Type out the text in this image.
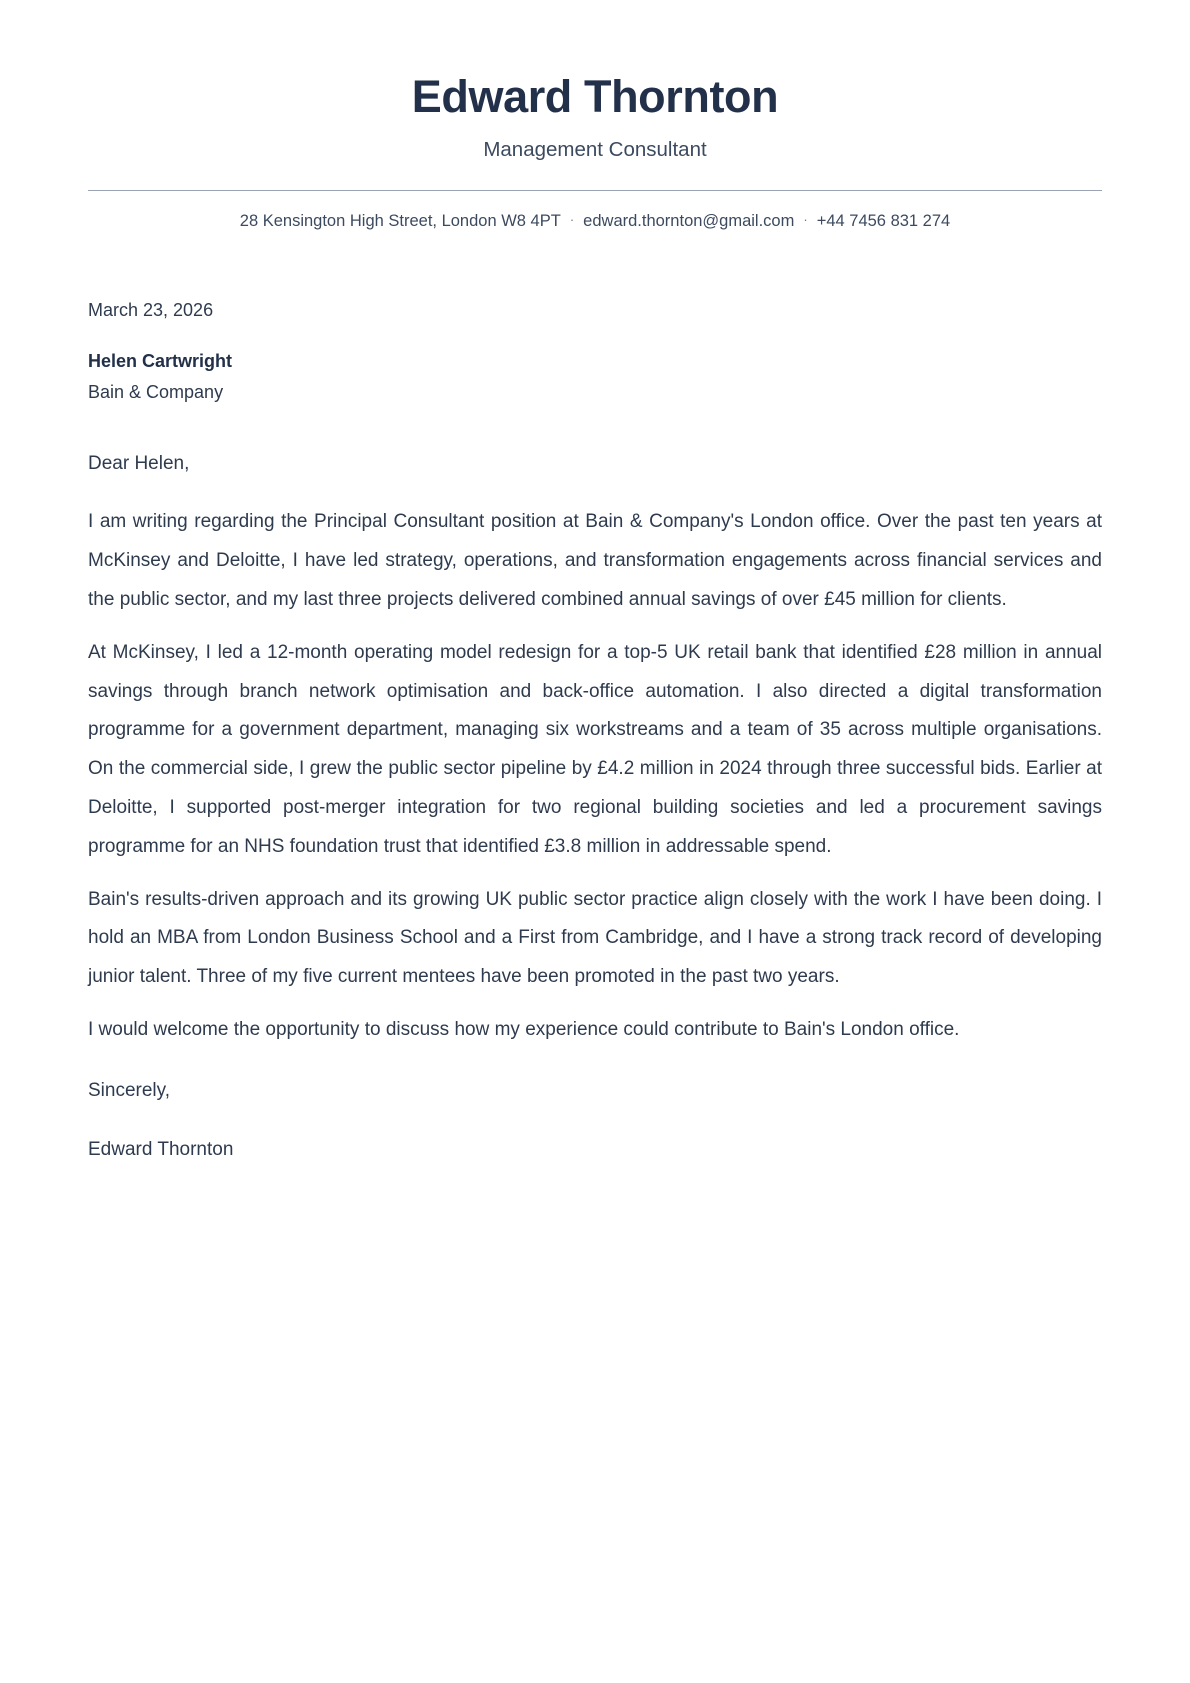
Edward Thornton
Management Consultant
28 Kensington High Street, London W8 4PT · edward.thornton@gmail.com · +44 7456 831 274
March 23, 2026
Helen Cartwright
Bain & Company
Dear Helen,

I am writing regarding the Principal Consultant position at Bain & Company's London office. Over the past ten years at McKinsey and Deloitte, I have led strategy, operations, and transformation engagements across financial services and the public sector, and my last three projects delivered combined annual savings of over £45 million for clients.

At McKinsey, I led a 12-month operating model redesign for a top-5 UK retail bank that identified £28 million in annual savings through branch network optimisation and back-office automation. I also directed a digital transformation programme for a government department, managing six workstreams and a team of 35 across multiple organisations. On the commercial side, I grew the public sector pipeline by £4.2 million in 2024 through three successful bids. Earlier at Deloitte, I supported post-merger integration for two regional building societies and led a procurement savings programme for an NHS foundation trust that identified £3.8 million in addressable spend.

Bain's results-driven approach and its growing UK public sector practice align closely with the work I have been doing. I hold an MBA from London Business School and a First from Cambridge, and I have a strong track record of developing junior talent. Three of my five current mentees have been promoted in the past two years.

I would welcome the opportunity to discuss how my experience could contribute to Bain's London office.

Sincerely,
Edward Thornton
